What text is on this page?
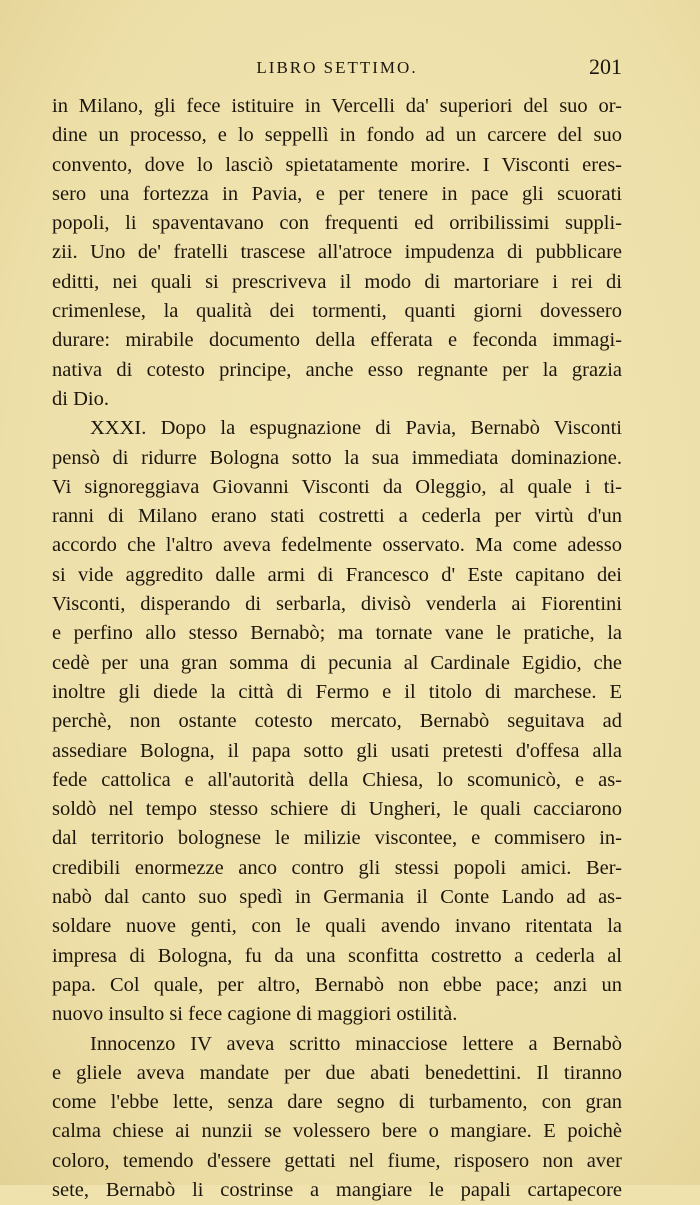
LIBRO SETTIMO.	201
in Milano, gli fece istituire in Vercelli da' superiori del suo or-
dine un processo, e lo seppellì in fondo ad un carcere del suo
convento, dove lo lasciò spietatamente morire. I Visconti eres-
sero una fortezza in Pavia, e per tenere in pace gli scuorati
popoli, li spaventavano con frequenti ed orribilissimi suppli-
zii. Uno de' fratelli trascese all'atroce impudenza di pubblicare
editti, nei quali si prescriveva il modo di martoriare i rei di
crimenlese, la qualità dei tormenti, quanti giorni dovessero
durare: mirabile documento della efferata e feconda immagi-
nativa di cotesto principe, anche esso regnante per la grazia
di Dio.
XXXI. Dopo la espugnazione di Pavia, Bernabò Visconti
pensò di ridurre Bologna sotto la sua immediata dominazione.
Vi signoreggiava Giovanni Visconti da Oleggio, al quale i ti-
ranni di Milano erano stati costretti a cederla per virtù d'un
accordo che l'altro aveva fedelmente osservato. Ma come adesso
si vide aggredito dalle armi di Francesco d' Este capitano dei
Visconti, disperando di serbarla, divisò venderla ai Fiorentini
e perfino allo stesso Bernabò; ma tornate vane le pratiche, la
cedè per una gran somma di pecunia al Cardinale Egidio, che
inoltre gli diede la città di Fermo e il titolo di marchese. E
perchè, non ostante cotesto mercato, Bernabò seguitava ad
assediare Bologna, il papa sotto gli usati pretesti d'offesa alla
fede cattolica e all'autorità della Chiesa, lo scomunicò, e as-
soldò nel tempo stesso schiere di Ungheri, le quali cacciarono
dal territorio bolognese le milizie viscontee, e commisero in-
credibili enormezze anco contro gli stessi popoli amici. Ber-
nabò dal canto suo spedì in Germania il Conte Lando ad as-
soldare nuove genti, con le quali avendo invano ritentata la
impresa di Bologna, fu da una sconfitta costretto a cederla al
papa. Col quale, per altro, Bernabò non ebbe pace; anzi un
nuovo insulto si fece cagione di maggiori ostilità.
Innocenzo IV aveva scritto minacciose lettere a Bernabò
e gliele aveva mandate per due abati benedettini. Il tiranno
come l'ebbe lette, senza dare segno di turbamento, con gran
calma chiese ai nunzii se volessero bere o mangiare. E poichè
coloro, temendo d'essere gettati nel fiume, risposero non aver
sete, Bernabò li costrinse a mangiare le papali cartapecore
